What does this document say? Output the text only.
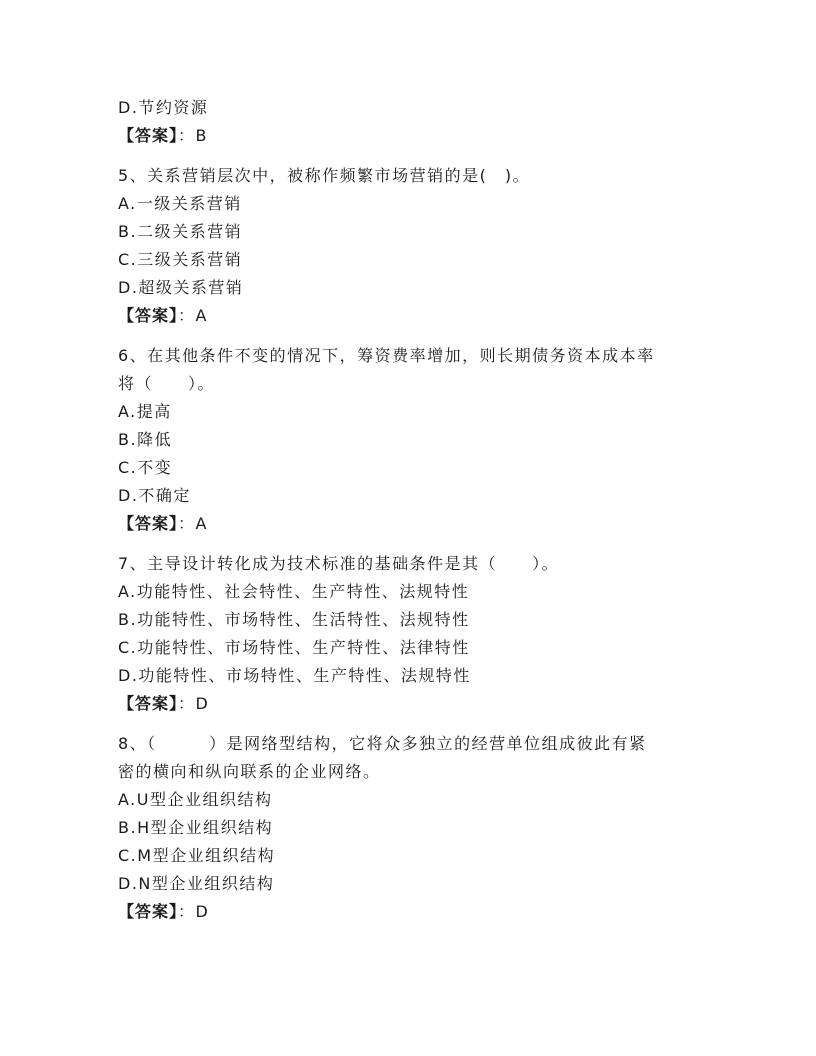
D.节约资源
【答案】：B
5、关系营销层次中，被称作频繁市场营销的是(　)。
A.一级关系营销
B.二级关系营销
C.三级关系营销
D.超级关系营销
【答案】：A
6、在其他条件不变的情况下，筹资费率增加，则长期债务资本成本率
将（　　）。
A.提高
B.降低
C.不变
D.不确定
【答案】：A
7、主导设计转化成为技术标准的基础条件是其（　　）。
A.功能特性、社会特性、生产特性、法规特性
B.功能特性、市场特性、生活特性、法规特性
C.功能特性、市场特性、生产特性、法律特性
D.功能特性、市场特性、生产特性、法规特性
【答案】：D
8、（　　　）是网络型结构，它将众多独立的经营单位组成彼此有紧
密的横向和纵向联系的企业网络。
A.U型企业组织结构
B.H型企业组织结构
C.M型企业组织结构
D.N型企业组织结构
【答案】：D
